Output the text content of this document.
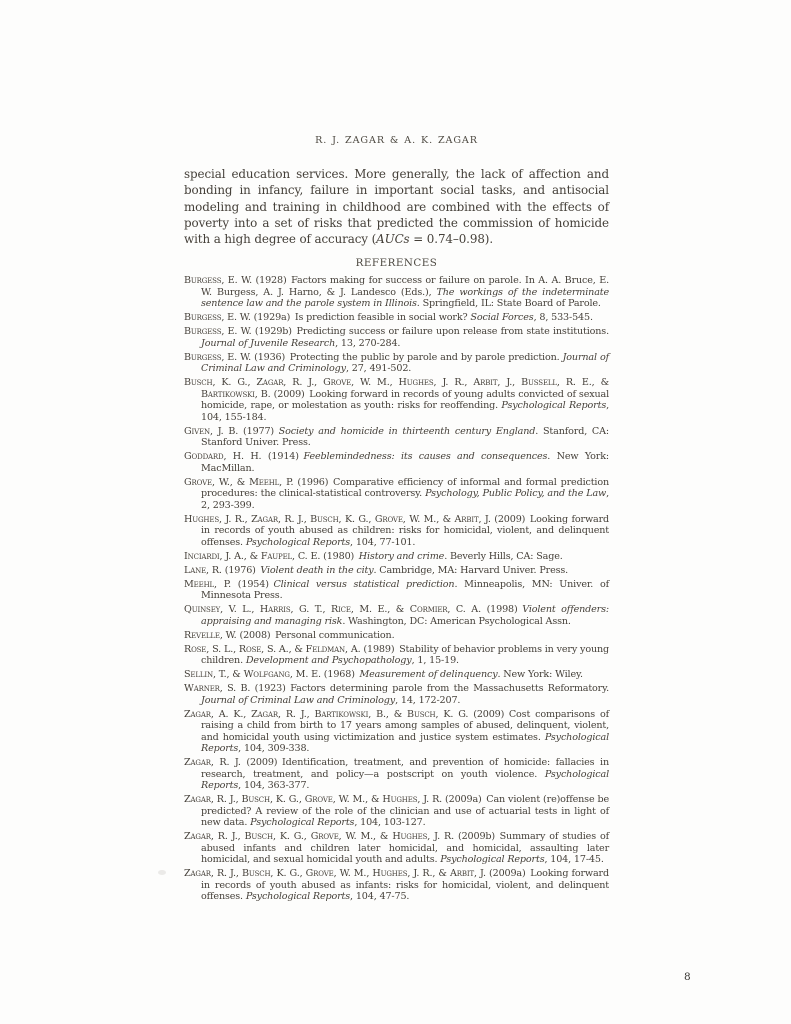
R. J. ZAGAR & A. K. ZAGAR

special education services. More generally, the lack of affection and bonding in infancy, failure in important social tasks, and antisocial modeling and training in childhood are combined with the effects of poverty into a set of risks that predicted the commission of homicide with a high degree of accuracy (AUCs = 0.74–0.98).

REFERENCES

Burgess, E. W. (1928) Factors making for success or failure on parole. In A. A. Bruce, E. W. Burgess, A. J. Harno, & J. Landesco (Eds.), The workings of the indeterminate sentence law and the parole system in Illinois. Springfield, IL: State Board of Parole.

Burgess, E. W. (1929a) Is prediction feasible in social work? Social Forces, 8, 533-545.

Burgess, E. W. (1929b) Predicting success or failure upon release from state institutions. Journal of Juvenile Research, 13, 270-284.

Burgess, E. W. (1936) Protecting the public by parole and by parole prediction. Journal of Criminal Law and Criminology, 27, 491-502.

Busch, K. G., Zagar, R. J., Grove, W. M., Hughes, J. R., Arbit, J., Bussell, R. E., & Bartikowski, B. (2009) Looking forward in records of young adults convicted of sexual homicide, rape, or molestation as youth: risks for reoffending. Psychological Reports, 104, 155-184.

Given, J. B. (1977) Society and homicide in thirteenth century England. Stanford, CA: Stanford Univer. Press.

Goddard, H. H. (1914) Feeblemindedness: its causes and consequences. New York: MacMillan.

Grove, W., & Meehl, P. (1996) Comparative efficiency of informal and formal prediction procedures: the clinical-statistical controversy. Psychology, Public Policy, and the Law, 2, 293-399.

Hughes, J. R., Zagar, R. J., Busch, K. G., Grove, W. M., & Arbit, J. (2009) Looking forward in records of youth abused as children: risks for homicidal, violent, and delinquent offenses. Psychological Reports, 104, 77-101.

Inciardi, J. A., & Faupel, C. E. (1980) History and crime. Beverly Hills, CA: Sage.

Lane, R. (1976) Violent death in the city. Cambridge, MA: Harvard Univer. Press.

Meehl, P. (1954) Clinical versus statistical prediction. Minneapolis, MN: Univer. of Minnesota Press.

Quinsey, V. L., Harris, G. T., Rice, M. E., & Cormier, C. A. (1998) Violent offenders: appraising and managing risk. Washington, DC: American Psychological Assn.

Revelle, W. (2008) Personal communication.

Rose, S. L., Rose, S. A., & Feldman, A. (1989) Stability of behavior problems in very young children. Development and Psychopathology, 1, 15-19.

Sellin, T., & Wolfgang, M. E. (1968) Measurement of delinquency. New York: Wiley.

Warner, S. B. (1923) Factors determining parole from the Massachusetts Reformatory. Journal of Criminal Law and Criminology, 14, 172-207.

Zagar, A. K., Zagar, R. J., Bartikowski, B., & Busch, K. G. (2009) Cost comparisons of raising a child from birth to 17 years among samples of abused, delinquent, violent, and homicidal youth using victimization and justice system estimates. Psychological Reports, 104, 309-338.

Zagar, R. J. (2009) Identification, treatment, and prevention of homicide: fallacies in research, treatment, and policy—a postscript on youth violence. Psychological Reports, 104, 363-377.

Zagar, R. J., Busch, K. G., Grove, W. M., & Hughes, J. R. (2009a) Can violent (re)offense be predicted? A review of the role of the clinician and use of actuarial tests in light of new data. Psychological Reports, 104, 103-127.

Zagar, R. J., Busch, K. G., Grove, W. M., & Hughes, J. R. (2009b) Summary of studies of abused infants and children later homicidal, and homicidal, assaulting later homicidal, and sexual homicidal youth and adults. Psychological Reports, 104, 17-45.

Zagar, R. J., Busch, K. G., Grove, W. M., Hughes, J. R., & Arbit, J. (2009a) Looking forward in records of youth abused as infants: risks for homicidal, violent, and delinquent offenses. Psychological Reports, 104, 47-75.

8
